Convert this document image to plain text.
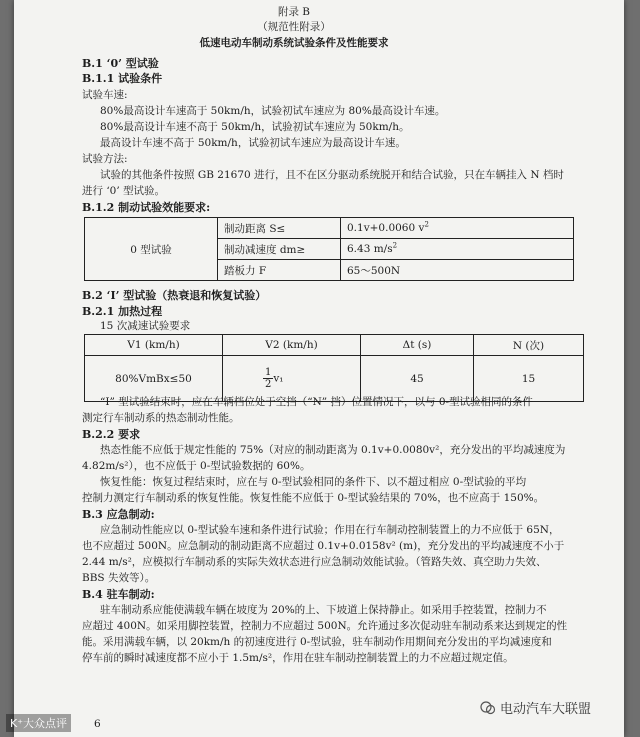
附录 B
（规范性附录）
低速电动车制动系统试验条件及性能要求
B.1 ‘0’ 型试验
B.1.1 试验条件
试验车速:
80%最高设计车速高于 50km/h，试验初试车速应为 80%最高设计车速。
80%最高设计车速不高于 50km/h，试验初试车速应为 50km/h。
最高设计车速不高于 50km/h，试验初试车速应为最高设计车速。
试验方法:
试验的其他条件按照 GB 21670 进行，且不在区分驱动系统脱开和结合试验，只在车辆挂入 N 档时
进行 ‘0’ 型试验。
B.1.2 制动试验效能要求:
0 型试验	制动距离 S≤	0.1v+0.0060 $v^2$
	制动减速度 dm≥	6.43 $m/s^2$
	踏板力 F	65～500N
B.2 ‘I’ 型试验（热衰退和恢复试验）
B.2.1 加热过程
15 次减速试验要求
V1 (km/h)	V2 (km/h)	Δt (s)	N (次)
80%VmBx≤50	$\frac{1}{2} v_1$	45	15
“I” 型试验结束时，应在车辆档位处于空挡（“N” 挡）位置情况下，以与 0-型试验相同的条件
测定行车制动系的热态制动性能。
B.2.2 要求
热态性能不应低于规定性能的 75%（对应的制动距离为 0.1v+0.0080v²，充分发出的平均减速度为
4.82m/s²），也不应低于 0-型试验数据的 60%。
恢复性能：恢复过程结束时，应在与 0-型试验相同的条件下、以不超过相应 0-型试验的平均
控制力测定行车制动系的恢复性能。恢复性能不应低于 0-型试验结果的 70%，也不应高于 150%。
B.3 应急制动:
应急制动性能应以 0-型试验车速和条件进行试验；作用在行车制动控制装置上的力不应低于 65N，
也不应超过 500N。应急制动的制动距离不应超过 0.1v+0.0158v² (m)，充分发出的平均减速度不小于
2.44 m/s²，应模拟行车制动系的实际失效状态进行应急制动效能试验。（管路失效、真空助力失效、
BBS 失效等）。
B.4 驻车制动:
驻车制动系应能使满载车辆在坡度为 20%的上、下坡道上保持静止。如采用手控装置，控制力不
应超过 400N。如采用脚控装置，控制力不应超过 500N。允许通过多次促动驻车制动系来达到规定的性
能。采用满载车辆，以 20km/h 的初速度进行 0-型试验，驻车制动作用期间充分发出的平均减速度和
停车前的瞬时减速度都不应小于 1.5m/s²，作用在驻车制动控制装置上的力不应超过规定值。
6
K⁺大众点评
电动汽车大联盟
